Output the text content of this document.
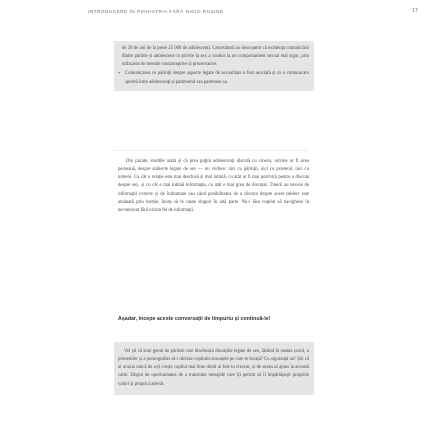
INTRODUCERE ÎN PSIHIATRIA FĂRĂ NICIO RUȘINE	17

de 30 de ani de la peste 25 000 de adolescenți. Cercetătorii au descoperit că existența comunicării dintre părinte și adolescent cu privire la sex a condus la un comportament sexual mai sigur, prin utilizarea de metode contraceptive și prezervative.

• Comunicarea cu părinții despre aspecte legate de sexualitate a fost asociată și cu o comunicare sporită între adolescenți și partenerul sau partenera sa.

Din păcate, studiile arată și că prea puțini adolescenți discută cu cineva, oricine ar fi acea persoană, despre subiecte legate de sex — nu vorbesc nici cu părinții, nici cu prietenii, nici cu nimeni. Cu cât o relație este mai deschisă și mai intimă, cu atât ar fi mai potrivită pentru a discuta despre sex, și cu cât e mai intimă informația, cu atât e mai greu de discutat. Tinerii au nevoie de informații corecte și de îndrumare sau când posibilitatea de a discuta despre acest subiect este amânată prin inerție, încep să le caute singuri în altă parte. Nu-i lăsa copilul să navigheze în necunoscut fără niciun fel de informații.

Așadar, începe aceste conversații de timpuriu și continuă-le!

Vei ști că sunt genul de părinte care blochează discuțiile legate de sex, lăsând în seama școlii, a prietenilor și a pornografiei să-i dicteze copilului mesajele pe care le învață? Cu siguranță nu! Știi că ai ocazia unică de a-ți crește copilul mai bine decât ai fost tu crescut, și de aceea ai ajuns la această carte. Dispui de oportunitatea de a transmite mesajele care îți permit să îi împărtășești propriile valori și propriul adevăr.
